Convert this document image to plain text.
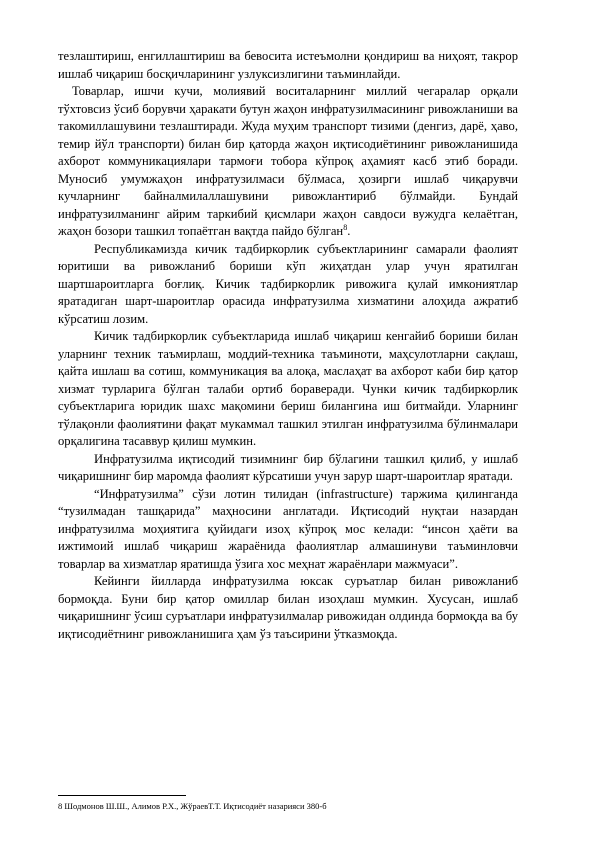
тезлаштириш, енгиллаштириш ва бевосита истеъмолни қондириш ва ниҳоят, такрор ишлаб чиқариш босқичларининг узлуксизлигини таъминлайди.

Товарлар, ишчи кучи, молиявий воситаларнинг миллий чегаралар орқали тўхтовсиз ўсиб борувчи ҳаракати бутун жаҳон инфратузилмасининг ривожланиши ва такомиллашувини тезлаштиради. Жуда муҳим транспорт тизими (денгиз, дарё, ҳаво, темир йўл транспорти) билан бир қаторда жаҳон иқтисодиётининг ривожланишида ахборот коммуникациялари тармоғи тобора кўпроқ аҳамият касб этиб боради. Муносиб умумжаҳон инфратузилмаси бўлмаса, ҳозирги ишлаб чиқарувчи кучларнинг байналмилаллашувини ривожлантириб бўлмайди. Бундай инфратузилманинг айрим таркибий қисмлари жаҳон савдоси вужудга келаётган, жаҳон бозори ташкил топаётган вақтда пайдо бўлган$^8$.

Республикамизда кичик тадбиркорлик субъектларининг самарали фаолият юритиши ва ривожланиб бориши кўп жиҳатдан улар учун яратилган шартшароитларга боғлиқ. Кичик тадбиркорлик ривожига қулай имкониятлар яратадиган шарт-шароитлар орасида инфратузилма хизматини алоҳида ажратиб кўрсатиш лозим.

Кичик тадбиркорлик субъектларида ишлаб чиқариш кенгайиб бориши билан уларнинг техник таъмирлаш, моддий-техника таъминоти, маҳсулотларни сақлаш, қайта ишлаш ва сотиш, коммуникация ва алоқа, маслаҳат ва ахборот каби бир қатор хизмат турларига бўлган талаби ортиб бораверади. Чунки кичик тадбиркорлик субъектларига юридик шахс мақомини бериш билангина иш битмайди. Уларнинг тўлақонли фаолиятини фақат мукаммал ташкил этилган инфратузилма бўлинмалари орқалигина тасаввур қилиш мумкин.

Инфратузилма иқтисодий тизимнинг бир бўлагини ташкил қилиб, у ишлаб чиқаришнинг бир маромда фаолият кўрсатиши учун зарур шарт-шароитлар яратади.

“Инфратузилма” сўзи лотин тилидан (infrastructure) таржима қилинганда “тузилмадан ташқарида” маҳносини англатади. Иқтисодий нуқтаи назардан инфратузилма моҳиятига қуйидаги изоҳ кўпроқ мос келади: “инсон ҳаёти ва ижтимоий ишлаб чиқариш жараёнида фаолиятлар алмашинуви таъминловчи товарлар ва хизматлар яратишда ўзига хос меҳнат жараёнлари мажмуаси”.

Кейинги йилларда инфратузилма юксак суръатлар билан ривожланиб бормоқда. Буни бир қатор омиллар билан изоҳлаш мумкин. Хусусан, ишлаб чиқаришнинг ўсиш суръатлари инфратузилмалар ривожидан олдинда бормоқда ва бу иқтисодиётнинг ривожланишига ҳам ўз таъсирини ўтказмоқда.

8 Шодмонов Ш.Ш., Алимов Р.Х., ЖўраевТ.Т. Иқтисодиёт назарияси 380-б
